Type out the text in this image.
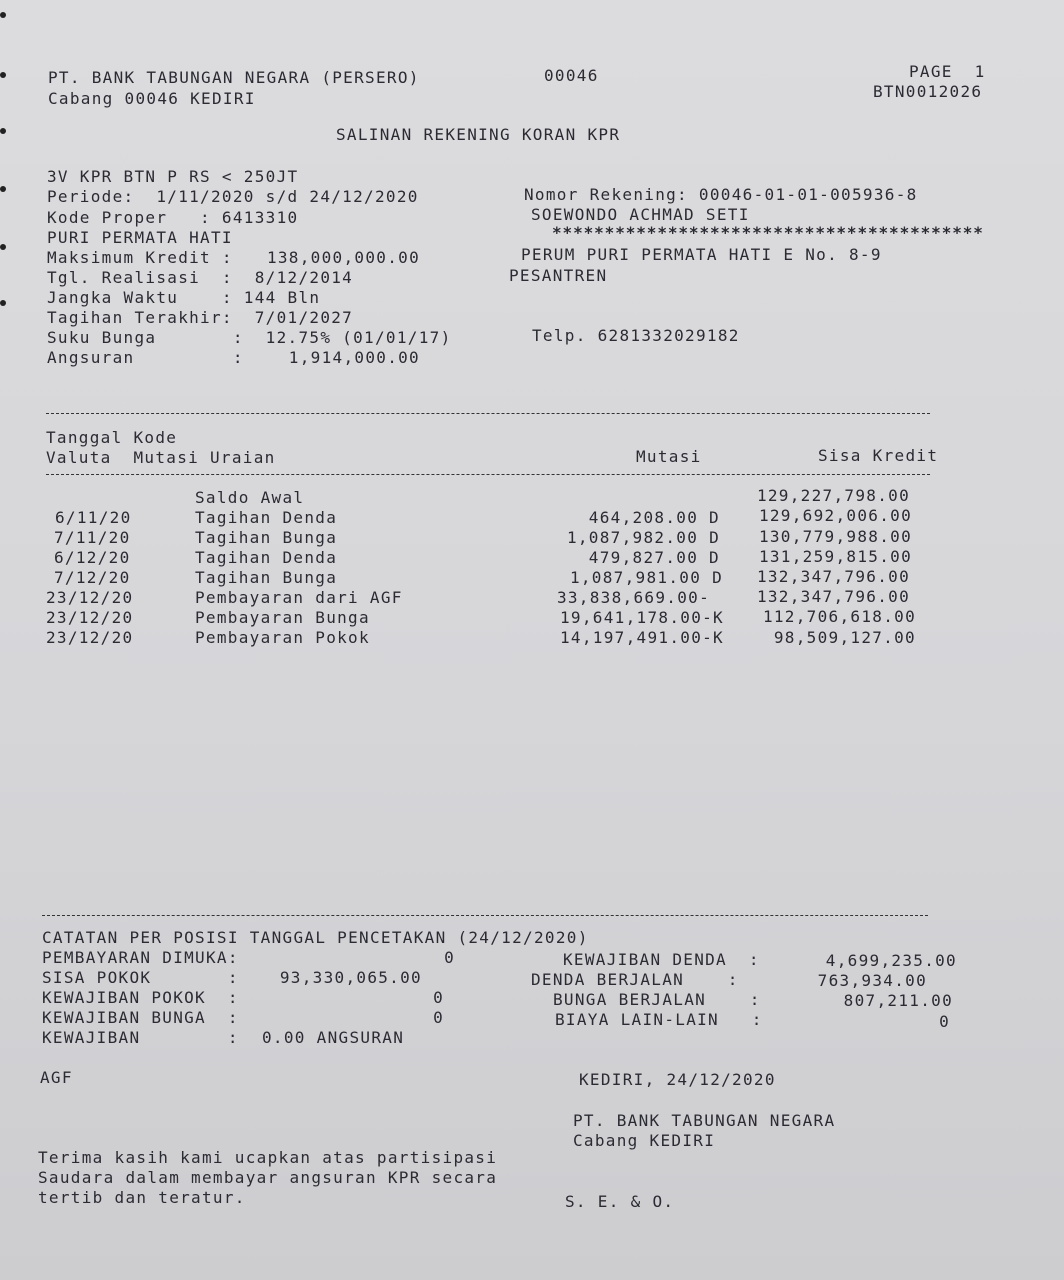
PT. BANK TABUNGAN NEGARA (PERSERO)
Cabang 00046 KEDIRI
00046	PAGE  1
BTN0012026
SALINAN REKENING KORAN KPR
3V KPR BTN P RS < 250JT
Periode:  1/11/2020 s/d 24/12/2020
Kode Proper   : 6413310
PURI PERMATA HATI
Maksimum Kredit :	138,000,000.00
Tgl. Realisasi  :  8/12/2014
Jangka Waktu    : 144 Bln
Tagihan Terakhir:  7/01/2027
Suku Bunga       :  12.75% (01/01/17)
Angsuran         :	1,914,000.00
Nomor Rekening: 00046-01-01-005936-8
SOEWONDO ACHMAD SETI
*****************************************
PERUM PURI PERMATA HATI E No. 8-9
PESANTREN
Telp. 6281332029182
Tanggal Kode
Valuta  Mutasi Uraian	Mutasi	Sisa Kredit
Saldo Awal	129,227,798.00
6/11/20	Tagihan Denda	464,208.00 D	129,692,006.00
7/11/20	Tagihan Bunga	1,087,982.00 D	130,779,988.00
6/12/20	Tagihan Denda	479,827.00 D	131,259,815.00
7/12/20	Tagihan Bunga	1,087,981.00 D	132,347,796.00
23/12/20	Pembayaran dari AGF	33,838,669.00-	132,347,796.00
23/12/20	Pembayaran Bunga	19,641,178.00-K	112,706,618.00
23/12/20	Pembayaran Pokok	14,197,491.00-K	98,509,127.00
CATATAN PER POSISI TANGGAL PENCETAKAN (24/12/2020)
PEMBAYARAN DIMUKA:	0
SISA POKOK       :	93,330,065.00
KEWAJIBAN POKOK  :	0
KEWAJIBAN BUNGA  :	0
KEWAJIBAN        : 0.00 ANGSURAN
KEWAJIBAN DENDA  :	4,699,235.00
DENDA BERJALAN    :	763,934.00
BUNGA BERJALAN    :	807,211.00
BIAYA LAIN-LAIN   :	0
AGF	KEDIRI, 24/12/2020
PT. BANK TABUNGAN NEGARA
Cabang KEDIRI
Terima kasih kami ucapkan atas partisipasi
Saudara dalam membayar angsuran KPR secara
tertib dan teratur.	S. E. & O.
